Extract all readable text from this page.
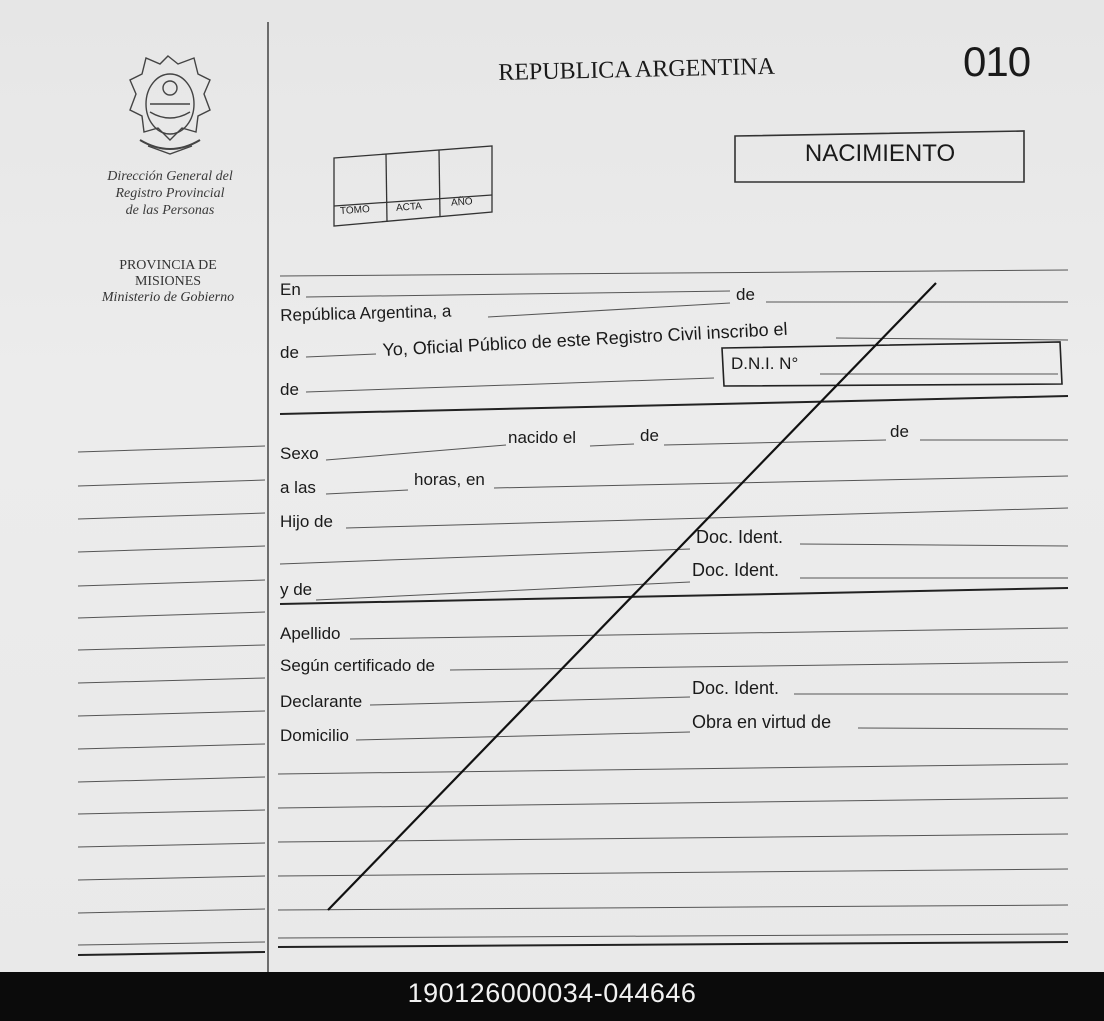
Dirección General del
Registro Provincial
de las Personas
PROVINCIA DE
MISIONES
Ministerio de Gobierno
REPUBLICA ARGENTINA	010
NACIMIENTO
TOMO	ACTA	AÑO
En
República Argentina, a
de
de	Yo, Oficial Público de este Registro Civil inscribo el
D.N.I. N°
de
Sexo
nacido el	de	de
a las	horas, en
Hijo de
Doc. Ident.
y de
Doc. Ident.
Apellido
Según certificado de
Declarante
Doc. Ident.
Domicilio
Obra en virtud de
190126000034-044646
